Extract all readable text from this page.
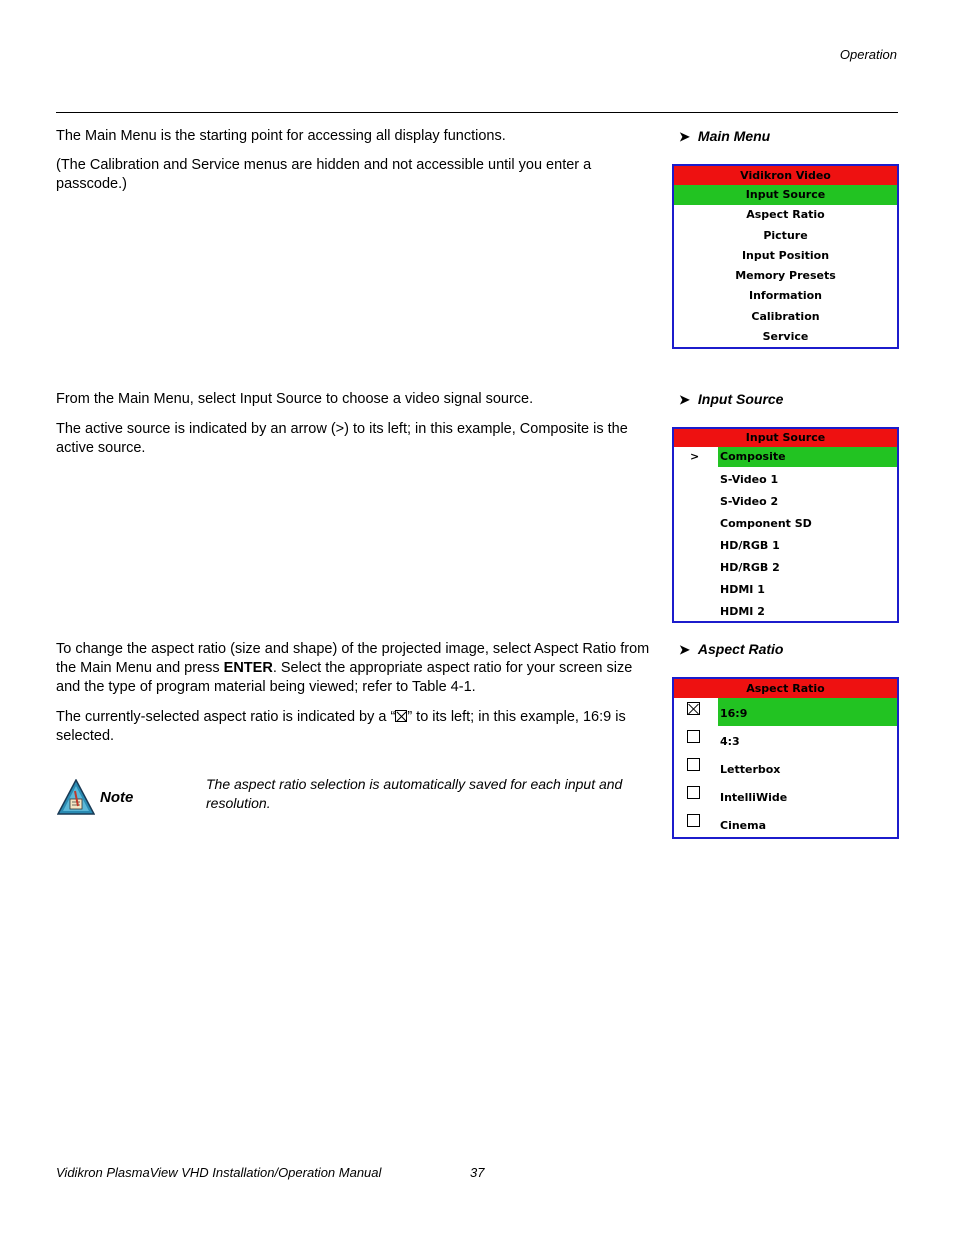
Operation

The Main Menu is the starting point for accessing all display functions.

(The Calibration and Service menus are hidden and not accessible until you enter a passcode.)

➤ Main Menu
Vidikron Video
Input Source
Aspect Ratio
Picture
Input Position
Memory Presets
Information
Calibration
Service

From the Main Menu, select Input Source to choose a video signal source.

The active source is indicated by an arrow (>) to its left; in this example, Composite is the active source.

➤ Input Source
Input Source
> Composite
S-Video 1
S-Video 2
Component SD
HD/RGB 1
HD/RGB 2
HDMI 1
HDMI 2

To change the aspect ratio (size and shape) of the projected image, select Aspect Ratio from the Main Menu and press ENTER. Select the appropriate aspect ratio for your screen size and the type of program material being viewed; refer to Table 4-1.

The currently-selected aspect ratio is indicated by a “ ” to its left; in this example, 16:9 is selected.

➤ Aspect Ratio
Aspect Ratio
16:9
4:3
Letterbox
IntelliWide
Cinema
Note
The aspect ratio selection is automatically saved for each input and resolution.
Vidikron PlasmaView VHD Installation/Operation Manual	37
